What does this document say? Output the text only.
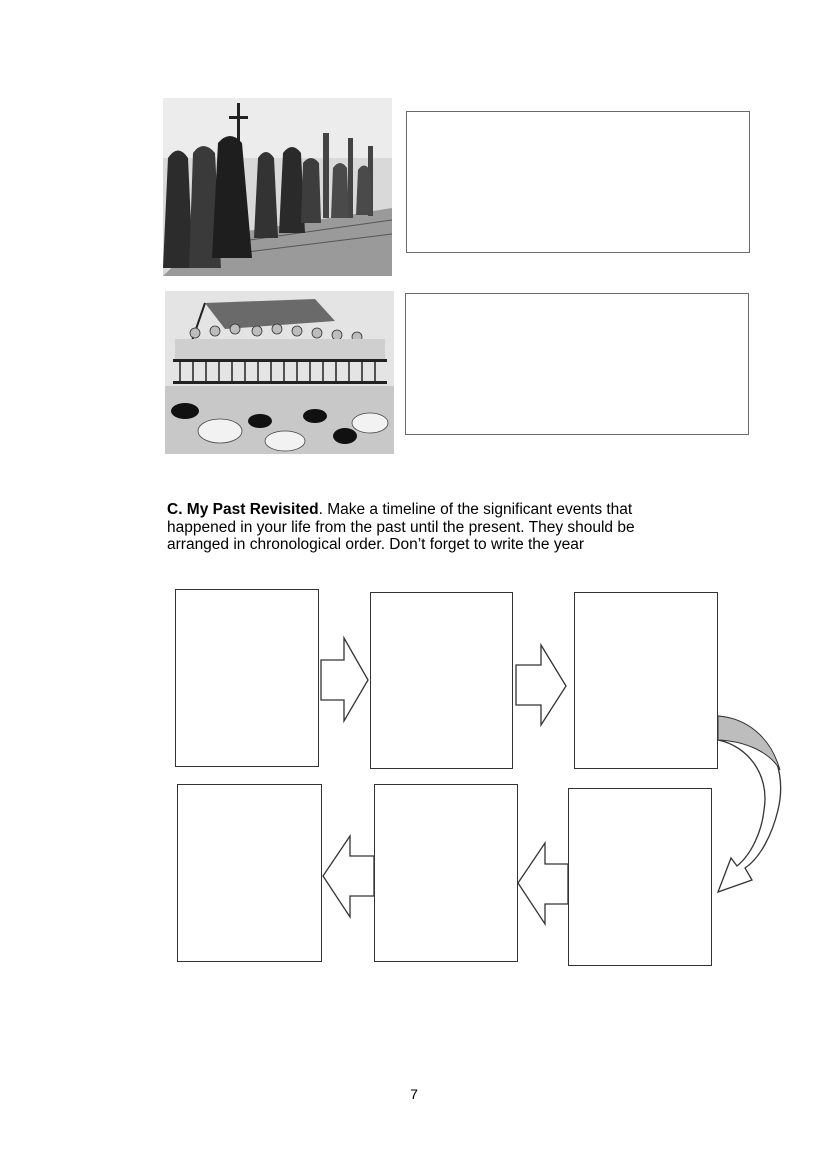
C. My Past Revisited. Make a timeline of the significant events that happened in your life from the past until the present. They should be arranged in chronological order. Don’t forget to write the year
7
